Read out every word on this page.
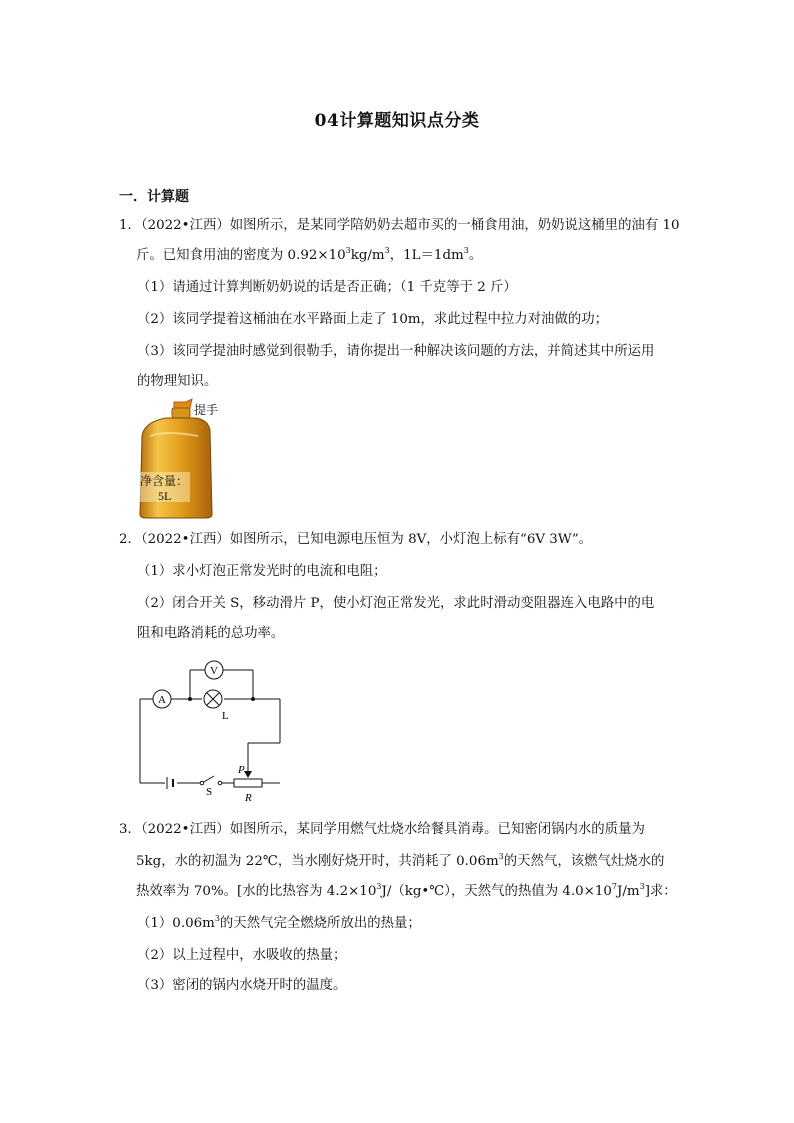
04计算题知识点分类
一．计算题
1．（2022•江西）如图所示，是某同学陪奶奶去超市买的一桶食用油，奶奶说这桶里的油有 10
斤。已知食用油的密度为 $0.92\times 10^3kg/m^3$，$1L=1dm^3$。
（1）请通过计算判断奶奶说的话是否正确；（1 千克等于 2 斤）
（2）该同学提着这桶油在水平路面上走了 10m，求此过程中拉力对油做的功；
（3）该同学提油时感觉到很勒手，请你提出一种解决该问题的方法，并简述其中所运用
的物理知识。
净含量：
5L
提手
2．（2022•江西）如图所示，已知电源电压恒为 8V，小灯泡上标有“6V 3W”。
（1）求小灯泡正常发光时的电流和电阻；
（2）闭合开关 S，移动滑片 P，使小灯泡正常发光，求此时滑动变阻器连入电路中的电
阻和电路消耗的总功率。
A
V
L
P
S	R
3．（2022•江西）如图所示，某同学用燃气灶烧水给餐具消毒。已知密闭锅内水的质量为
5kg，水的初温为 22℃，当水刚好烧开时，共消耗了 $0.06m^3$的天然气，该燃气灶烧水的
热效率为 70%。[水的比热容为 $4.2\times 10^3J/(kg•℃)$，天然气的热值为 $4.0\times 10^7J/m^3$]求：
$(1)0.06m^3$的天然气完全燃烧所放出的热量；
（2）以上过程中，水吸收的热量；
（3）密闭的锅内水烧开时的温度。
